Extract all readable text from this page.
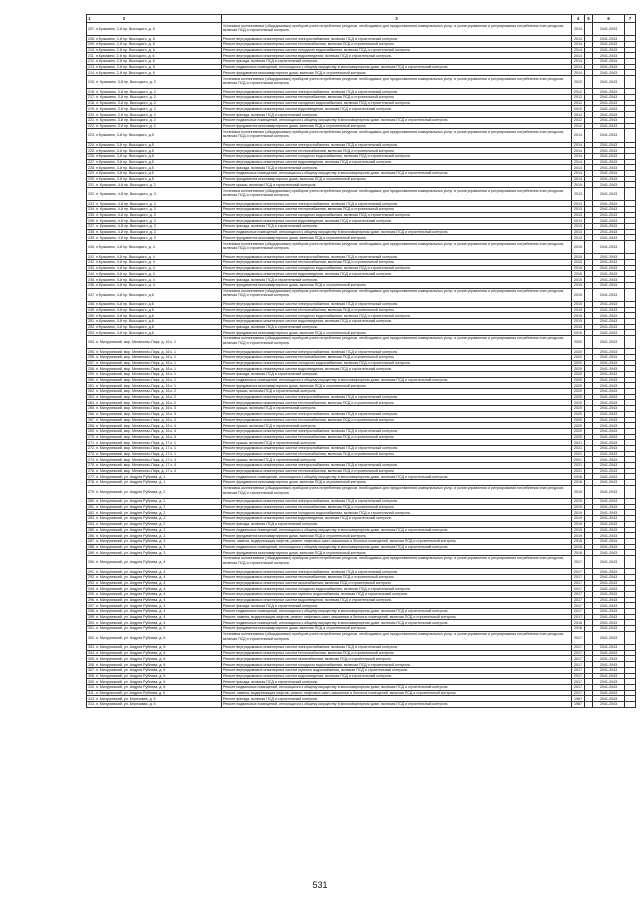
1                            2	3	4	5	6	7
207. п.Кузьмино, 2-й пр. Высоцкого, д. 6	Установка коллективных (общедомовых) приборов учета потребления ресурсов, необходимых для предоставления коммунальных услуг, и узлов управления и регулирования потребления этих ресурсов, включая ПСД и строительный контроль	2014		2041-2043	
208. п.Кузьмино, 2-й пр. Высоцкого, д. 6	Ремонт внутридомовых инженерных систем электроснабжения, включая ПСД и строительный контроль	2014		2041-2043	
209. п.Кузьмино, 2-й пр. Высоцкого, д. 6	Ремонт внутридомовых инженерных систем теплоснабжения, включая ПСД и строительный контроль	2014		2041-2043	
210. п.Кузьмино, 2-й пр. Высоцкого, д. 6	Ремонт внутридомовых инженерных систем холодного водоснабжения, включая ПСД и строительный контроль	2014		2041-2043	
211. п.Кузьмино, 2-й пр. Высоцкого, д. 6	Ремонт внутридомовых инженерных систем водоотведения, включая ПСД и строительный контроль	2014		2041-2043	
212. п.Кузьмино, 2-й пр. Высоцкого, д. 6	Ремонт фасада, включая ПСД и строительный контроль	2014		2041-2043	
213. п.Кузьмино, 2-й пр. Высоцкого, д. 6	Ремонт подвальных помещений, относящихся к общему имуществу в многоквартирном доме, включая ПСД и строительный контроль	2014		2041-2043	
214. п.Кузьмино, 2-й пр. Высоцкого, д. 6	Ремонт фундамента многоквартирного дома, включая ПСД и строительный контроль	2014		2041-2043	
215. п. Кузьмино, 3-й пр. Высоцкого, д. 2	Установка коллективных (общедомовых) приборов учета потребления ресурсов, необходимых для предоставления коммунальных услуг, и узлов управления и регулирования потребления этих ресурсов, включая ПСД и строительный контроль	2012		2041-2043	
216. п. Кузьмино, 3-й пр. Высоцкого, д. 2	Ремонт внутридомовых инженерных систем электроснабжения, включая ПСД и строительный контроль	2012		2041-2043	
217. п. Кузьмино, 3-й пр. Высоцкого, д. 2	Ремонт внутридомовых инженерных систем теплоснабжения, включая ПСД и строительный контроль	2012		2041-2043	
218. п. Кузьмино, 3-й пр. Высоцкого, д. 2	Ремонт внутридомовых инженерных систем холодного водоснабжения, включая ПСД и строительный контроль	2012		2041-2043	
219. п. Кузьмино, 3-й пр. Высоцкого, д. 2	Ремонт внутридомовых инженерных систем водоотведения, включая ПСД и строительный контроль	2012		2041-2043	
220. п. Кузьмино, 3-й пр. Высоцкого, д. 2	Ремонт фасада, включая ПСД и строительный контроль	2012		2041-2043	
221. п. Кузьмино, 3-й пр. Высоцкого, д. 2	Ремонт подвальных помещений, относящихся к общему имуществу в многоквартирном доме, включая ПСД и строительный контроль	2012		2041-2043	
222. п. Кузьмино, 3-й пр. Высоцкого, д. 2	Ремонт фундамента многоквартирного дома, включая ПСД и строительный контроль	2012		2041-2043	
223. п.Кузьмино, 3-й пр. Высоцкого, д.5	Установка коллективных (общедомовых) приборов учета потребления ресурсов, необходимых для предоставления коммунальных услуг, и узлов управления и регулирования потребления этих ресурсов, включая ПСД и строительный контроль	2014		2041-2043	
224. п.Кузьмино, 3-й пр. Высоцкого, д.5	Ремонт внутридомовых инженерных систем электроснабжения, включая ПСД и строительный контроль	2014		2041-2043	
225. п.Кузьмино, 3-й пр. Высоцкого, д.5	Ремонт внутридомовых инженерных систем теплоснабжения, включая ПСД и строительный контроль	2014		2041-2043	
226. п.Кузьмино, 3-й пр. Высоцкого, д.5	Ремонт внутридомовых инженерных систем холодного водоснабжения, включая ПСД и строительный контроль	2014		2041-2043	
227. п.Кузьмино, 3-й пр. Высоцкого, д.5	Ремонт внутридомовых инженерных систем водоотведения, включая ПСД и строительный контроль	2014		2041-2043	
228. п.Кузьмино, 3-й пр. Высоцкого, д.5	Ремонт фасада, включая ПСД и строительный контроль	2014		2041-2043	
229. п.Кузьмино, 3-й пр. Высоцкого, д.5	Ремонт подвальных помещений, относящихся к общему имуществу в многоквартирном доме, включая ПСД и строительный контроль	2014		2041-2043	
230. п.Кузьмино, 3-й пр. Высоцкого, д.5	Ремонт фундамента многоквартирного дома, включая ПСД и строительный контроль	2014		2041-2043	
231. п. Кузьмино, 4-й пр. Высоцкого, д. 2	Ремонт крыши, включая ПСД и строительный контроль	2015		2041-2043	
232. п. Кузьмино, 4-й пр. Высоцкого, д. 3	Установка коллективных (общедомовых) приборов учета потребления ресурсов, необходимых для предоставления коммунальных услуг, и узлов управления и регулирования потребления этих ресурсов, включая ПСД и строительный контроль	2013		2041-2043	
233. п. Кузьмино, 4-й пр. Высоцкого, д. 3	Ремонт внутридомовых инженерных систем электроснабжения, включая ПСД и строительный контроль	2013		2041-2043	
234. п. Кузьмино, 4-й пр. Высоцкого, д. 3	Ремонт внутридомовых инженерных систем теплоснабжения, включая ПСД и строительный контроль	2013		2041-2043	
235. п. Кузьмино, 4-й пр. Высоцкого, д. 3	Ремонт внутридомовых инженерных систем холодного водоснабжения, включая ПСД и строительный контроль	2013		2041-2043	
236. п. Кузьмино, 4-й пр. Высоцкого, д. 3	Ремонт внутридомовых инженерных систем водоотведения, включая ПСД и строительный контроль	2013		2041-2043	
237. п. Кузьмино, 4-й пр. Высоцкого, д. 3	Ремонт фасада, включая ПСД и строительный контроль	2013		2041-2043	
238. п. Кузьмино, 4-й пр. Высоцкого, д. 3	Ремонт подвальных помещений, относящихся к общему имуществу в многоквартирном доме, включая ПСД и строительный контроль	2013		2041-2043	
239. п. Кузьмино, 4-й пр. Высоцкого, д. 3	Ремонт фундамента многоквартирного дома, включая ПСД и строительный контроль	2013		2041-2043	
240. п.Кузьмино, 4-й пр. Высоцкого, д. 4	Установка коллективных (общедомовых) приборов учета потребления ресурсов, необходимых для предоставления коммунальных услуг, и узлов управления и регулирования потребления этих ресурсов, включая ПСД и строительный контроль	2015		2041-2043	
241. п.Кузьмино, 4-й пр. Высоцкого, д. 4	Ремонт внутридомовых инженерных систем электроснабжения, включая ПСД и строительный контроль	2015		2041-2043	
242. п.Кузьмино, 4-й пр. Высоцкого, д. 4	Ремонт внутридомовых инженерных систем теплоснабжения, включая ПСД и строительный контроль	2015		2041-2043	
243. п.Кузьмино, 4-й пр. Высоцкого, д. 4	Ремонт внутридомовых инженерных систем холодного водоснабжения, включая ПСД и строительный контроль	2015		2041-2043	
244. п.Кузьмино, 4-й пр. Высоцкого, д. 4	Ремонт внутридомовых инженерных систем водоотведения, включая ПСД и строительный контроль	2015		2041-2043	
245. п.Кузьмино, 4-й пр. Высоцкого, д. 4	Ремонт фасада, включая ПСД и строительный контроль	2015		2041-2043	
246. п.Кузьмино, 4-й пр. Высоцкого, д. 4	Ремонт фундамента многоквартирного дома, включая ПСД и строительный контроль	2015		2041-2043	
247. п.Кузьмино, 4-й пр. Высоцкого, д.6	Установка коллективных (общедомовых) приборов учета потребления ресурсов, необходимых для предоставления коммунальных услуг, и узлов управления и регулирования потребления этих ресурсов, включая ПСД и строительный контроль	2015		2041-2043	
248. п.Кузьмино, 4-й пр. Высоцкого, д.6	Ремонт внутридомовых инженерных систем электроснабжения, включая ПСД и строительный контроль	2015		2041-2043	
249. п.Кузьмино, 4-й пр. Высоцкого, д.6	Ремонт внутридомовых инженерных систем теплоснабжения, включая ПСД и строительный контроль	2015		2041-2043	
250. п.Кузьмино, 4-й пр. Высоцкого, д.6	Ремонт внутридомовых инженерных систем холодного водоснабжения, включая ПСД и строительный контроль	2015		2041-2043	
251. п.Кузьмино, 4-й пр. Высоцкого, д.6	Ремонт внутридомовых инженерных систем водоотведения, включая ПСД и строительный контроль	2015		2041-2043	
252. п.Кузьмино, 4-й пр. Высоцкого, д.6	Ремонт фасада, включая ПСД и строительный контроль	2015		2041-2043	
253. п.Кузьмино, 4-й пр. Высоцкого, д.6	Ремонт фундамента многоквартирного дома, включая ПСД и строительный контроль	2015		2041-2043	
254. п. Мичуринский, мкр. Мегаполис-Парк, д. 16 к. 1	Установка коллективных (общедомовых) приборов учета потребления ресурсов, необходимых для предоставления коммунальных услуг, и узлов управления и регулирования потребления этих ресурсов, включая ПСД и строительный контроль	2020		2041-2043	
255. п. Мичуринский, мкр. Мегаполис-Парк, д. 16 к. 1	Ремонт внутридомовых инженерных систем электроснабжения, включая ПСД и строительный контроль	2020		2041-2043	
256. п. Мичуринский, мкр. Мегаполис-Парк, д. 16 к. 1	Ремонт внутридомовых инженерных систем теплоснабжения, включая ПСД и строительный контроль	2020		2041-2043	
257. п. Мичуринский, мкр. Мегаполис-Парк, д. 16 к. 1	Ремонт внутридомовых инженерных систем холодного водоснабжения, включая ПСД и строительный контроль	2020		2041-2043	
258. п. Мичуринский, мкр. Мегаполис-Парк, д. 16 к. 1	Ремонт внутридомовых инженерных систем водоотведения, включая ПСД и строительный контроль	2020		2041-2043	
259. п. Мичуринский, мкр. Мегаполис-Парк, д. 16 к. 1	Ремонт фасада, включая ПСД и строительный контроль	2020		2041-2043	
260. п. Мичуринский, мкр. Мегаполис-Парк, д. 16 к. 1	Ремонт подвальных помещений, относящихся к общему имуществу в многоквартирном доме, включая ПСД и строительный контроль	2020		2041-2043	
261. п. Мичуринский, мкр. Мегаполис-Парк, д. 16 к. 1	Ремонт фундамента многоквартирного дома, включая ПСД и строительный контроль	2020		2041-2043	
262. п. Мичуринский, мкр. Мегаполис-Парк, д. 16 к. 2	Ремонт крыши, включая ПСД и строительный контроль	2020		2041-2043	
263. п. Мичуринский, мкр. Мегаполис-Парк, д. 16 к. 2	Ремонт внутридомовых инженерных систем электроснабжения, включая ПСД и строительный контроль	2020		2041-2043	
264. п. Мичуринский, мкр. Мегаполис-Парк, д. 16 к. 2	Ремонт внутридомовых инженерных систем теплоснабжения, включая ПСД и строительный контроль	2020		2041-2043	
265. п. Мичуринский, мкр. Мегаполис-Парк, д. 16 к. 3	Ремонт крыши, включая ПСД и строительный контроль	2020		2041-2043	
266. п. Мичуринский, мкр. Мегаполис-Парк, д. 16 к. 3	Ремонт внутридомовых инженерных систем электроснабжения, включая ПСД и строительный контроль	2020		2041-2043	
267. п. Мичуринский, мкр. Мегаполис-Парк, д. 16 к. 3	Ремонт внутридомовых инженерных систем теплоснабжения, включая ПСД и строительный контроль	2020		2041-2043	
268. п. Мичуринский, мкр. Мегаполис-Парк, д. 16 к. 4	Ремонт крыши, включая ПСД и строительный контроль	2020		2041-2043	
269. п. Мичуринский, мкр. Мегаполис-Парк, д. 16 к. 4	Ремонт внутридомовых инженерных систем электроснабжения, включая ПСД и строительный контроль	2020		2041-2043	
270. п. Мичуринский, мкр. Мегаполис-Парк, д. 16 к. 4	Ремонт внутридомовых инженерных систем теплоснабжения, включая ПСД и строительный контроль	2020		2041-2043	
271. п. Мичуринский, мкр. Мегаполис-Парк, д. 17 к. 1	Ремонт крыши, включая ПСД и строительный контроль	2021		2041-2043	
272. п. Мичуринский, мкр. Мегаполис-Парк, д. 17 к. 1	Ремонт внутридомовых инженерных систем электроснабжения, включая ПСД и строительный контроль	2021		2041-2043	
273. п. Мичуринский, мкр. Мегаполис-Парк, д. 17 к. 1	Ремонт внутридомовых инженерных систем теплоснабжения, включая ПСД и строительный контроль	2021		2041-2043	
274. п. Мичуринский, мкр. Мегаполис-Парк, д. 17 к. 4	Ремонт крыши, включая ПСД и строительный контроль	2021		2041-2043	
275. п. Мичуринский, мкр. Мегаполис-Парк, д. 17 к. 4	Ремонт внутридомовых инженерных систем электроснабжения, включая ПСД и строительный контроль	2021		2041-2043	
276. п. Мичуринский, мкр. Мегаполис-Парк, д. 17 к. 4	Ремонт внутридомовых инженерных систем теплоснабжения, включая ПСД и строительный контроль	2021		2041-2043	
277. п. Мичуринский, ул. Андрея Рублева, д. 1	Ремонт подвальных помещений, относящихся к общему имуществу в многоквартирном доме, включая ПСД и строительный контроль	2016		2041-2043	
278. п. Мичуринский, ул. Андрея Рублева, д. 1	Ремонт фундамента многоквартирного дома, включая ПСД и строительный контроль	2016		2041-2043	
279. п. Мичуринский, ул. Андрея Рублева, д. 2	Установка коллективных (общедомовых) приборов учета потребления ресурсов, необходимых для предоставления коммунальных услуг, и узлов управления и регулирования потребления этих ресурсов, включая ПСД и строительный контроль	2019		2041-2043	
280. п. Мичуринский, ул. Андрея Рублева, д. 2	Ремонт внутридомовых инженерных систем электроснабжения, включая ПСД и строительный контроль	2019		2041-2043	
281. п. Мичуринский, ул. Андрея Рублева, д. 2	Ремонт внутридомовых инженерных систем теплоснабжения, включая ПСД и строительный контроль	2019		2041-2043	
282. п. Мичуринский, ул. Андрея Рублева, д. 2	Ремонт внутридомовых инженерных систем холодного водоснабжения, включая ПСД и строительный контроль	2019		2041-2043	
283. п. Мичуринский, ул. Андрея Рублева, д. 2	Ремонт внутридомовых инженерных систем водоотведения, включая ПСД и строительный контроль	2019		2041-2043	
284. п. Мичуринский, ул. Андрея Рублева, д. 2	Ремонт фасада, включая ПСД и строительный контроль	2019		2041-2043	
285. п. Мичуринский, ул. Андрея Рублева, д. 2	Ремонт подвальных помещений, относящихся к общему имуществу в многоквартирном доме, включая ПСД и строительный контроль	2019		2041-2043	
286. п. Мичуринский, ул. Андрея Рублева, д. 2	Ремонт фундамента многоквартирного дома, включая ПСД и строительный контроль	2019		2041-2043	
287. п. Мичуринский, ул. Андрея Рублева, д. 3	Ремонт, замена, модернизация лифтов, ремонт лифтовых шахт, машинных и блочных помещений, включая ПСД и строительный контроль	2018		2041-2043	
288. п. Мичуринский, ул. Андрея Рублева, д. 3	Ремонт подвальных помещений, относящихся к общему имуществу в многоквартирном доме, включая ПСД и строительный контроль	2018		2041-2043	
289. п. Мичуринский, ул. Андрея Рублева, д. 3	Ремонт фундамента многоквартирного дома, включая ПСД и строительный контроль	2018		2041-2043	
290. п. Мичуринский, ул. Андрея Рублева, д. 4	Установка коллективных (общедомовых) приборов учета потребления ресурсов, необходимых для предоставления коммунальных услуг, и узлов управления и регулирования потребления этих ресурсов, включая ПСД и строительный контроль	2017		2041-2043	
291. п. Мичуринский, ул. Андрея Рублева, д. 4	Ремонт внутридомовых инженерных систем электроснабжения, включая ПСД и строительный контроль	2017		2041-2043	
292. п. Мичуринский, ул. Андрея Рублева, д. 4	Ремонт внутридомовых инженерных систем теплоснабжения, включая ПСД и строительный контроль	2017		2041-2043	
293. п. Мичуринский, ул. Андрея Рублева, д. 4	Ремонт внутридомовых инженерных систем газоснабжения, включая ПСД и строительный контроль	2017		2041-2043	
294. п. Мичуринский, ул. Андрея Рублева, д. 4	Ремонт внутридомовых инженерных систем холодного водоснабжения, включая ПСД и строительный контроль	2017		2041-2043	
295. п. Мичуринский, ул. Андрея Рублева, д. 4	Ремонт внутридомовых инженерных систем горячего водоснабжения, включая ПСД и строительный контроль	2017		2041-2043	
296. п. Мичуринский, ул. Андрея Рублева, д. 4	Ремонт внутридомовых инженерных систем водоотведения, включая ПСД и строительный контроль	2017		2041-2043	
297. п. Мичуринский, ул. Андрея Рублева, д. 4	Ремонт фасада, включая ПСД и строительный контроль	2017		2041-2043	
298. п. Мичуринский, ул. Андрея Рублева, д. 4	Ремонт подвальных помещений, относящихся к общему имуществу в многоквартирном доме, включая ПСД и строительный контроль	2017		2041-2043	
299. п. Мичуринский, ул. Андрея Рублева, д. 4	Ремонт, замена, модернизация лифтов, ремонт лифтовых шахт, машинных и блочных помещений, включая ПСД и строительный контроль	2017		2041-2043	
300. п. Мичуринский, ул. Андрея Рублева, д. 5	Ремонт подвальных помещений, относящихся к общему имуществу в многоквартирном доме, включая ПСД и строительный контроль	2016		2041-2043	
301. п. Мичуринский, ул. Андрея Рублева, д. 5	Ремонт фундамента многоквартирного дома, включая ПСД и строительный контроль	2016		2041-2043	
302. п. Мичуринский, ул. Андрея Рублева, д. 6	Установка коллективных (общедомовых) приборов учета потребления ресурсов, необходимых для предоставления коммунальных услуг, и узлов управления и регулирования потребления этих ресурсов, включая ПСД и строительный контроль	2017		2041-2043	
303. п. Мичуринский, ул. Андрея Рублева, д. 6	Ремонт внутридомовых инженерных систем электроснабжения, включая ПСД и строительный контроль	2017		2041-2043	
304. п. Мичуринский, ул. Андрея Рублева, д. 6	Ремонт внутридомовых инженерных систем теплоснабжения, включая ПСД и строительный контроль	2017		2041-2043	
305. п. Мичуринский, ул. Андрея Рублева, д. 6	Ремонт внутридомовых инженерных систем газоснабжения, включая ПСД и строительный контроль	2017		2041-2043	
306. п. Мичуринский, ул. Андрея Рублева, д. 6	Ремонт внутридомовых инженерных систем холодного водоснабжения, включая ПСД и строительный контроль	2017		2041-2043	
307. п. Мичуринский, ул. Андрея Рублева, д. 6	Ремонт внутридомовых инженерных систем горячего водоснабжения, включая ПСД и строительный контроль	2017		2041-2043	
308. п. Мичуринский, ул. Андрея Рублева, д. 6	Ремонт внутридомовых инженерных систем водоотведения, включая ПСД и строительный контроль	2017		2041-2043	
309. п. Мичуринский, ул. Андрея Рублева, д. 6	Ремонт фасада, включая ПСД и строительный контроль	2017		2041-2043	
310. п. Мичуринский, ул. Андрея Рублева, д. 6	Ремонт подвальных помещений, относящихся к общему имуществу в многоквартирном доме, включая ПСД и строительный контроль	2017		2041-2043	
311. п. Мичуринский, ул. Андрея Рублева, д. 6	Ремонт, замена, модернизация лифтов, ремонт лифтовых шахт, машинных и блочных помещений, включая ПСД и строительный контроль	2017		2041-2043	
312. п. Мичуринский, ул. Березовая, д. 5	Ремонт фасада, включая ПСД и строительный контроль	1967		2041-2043	
313. п. Мичуринский, ул. Березовая, д. 5	Ремонт подвальных помещений, относящихся к общему имуществу в многоквартирном доме, включая ПСД и строительный контроль	1967		2041-2043	
531
